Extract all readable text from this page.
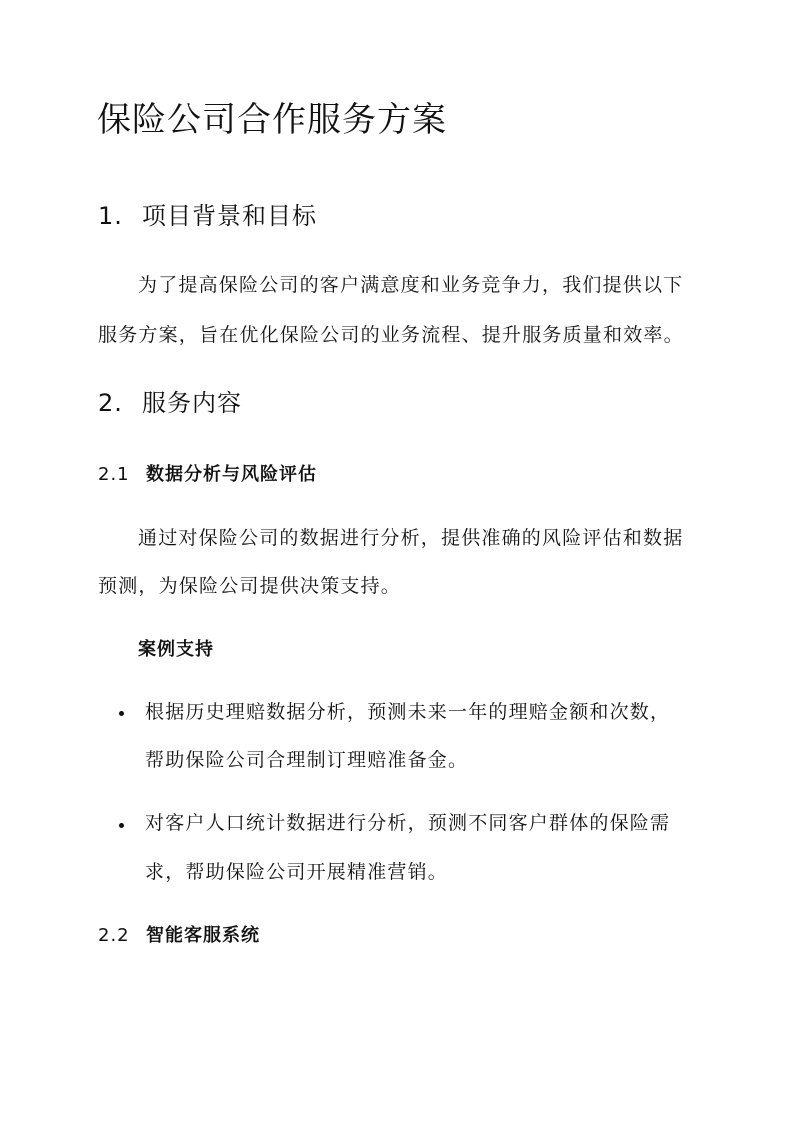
保险公司合作服务方案
1. 项目背景和目标

为了提高保险公司的客户满意度和业务竞争力，我们提供以下

服务方案，旨在优化保险公司的业务流程、提升服务质量和效率。

2. 服务内容
2.1 数据分析与风险评估

通过对保险公司的数据进行分析，提供准确的风险评估和数据

预测，为保险公司提供决策支持。

案例支持

根据历史理赔数据分析，预测未来一年的理赔金额和次数，

帮助保险公司合理制订理赔准备金。

对客户人口统计数据进行分析，预测不同客户群体的保险需

求，帮助保险公司开展精准营销。

2.2 智能客服系统
